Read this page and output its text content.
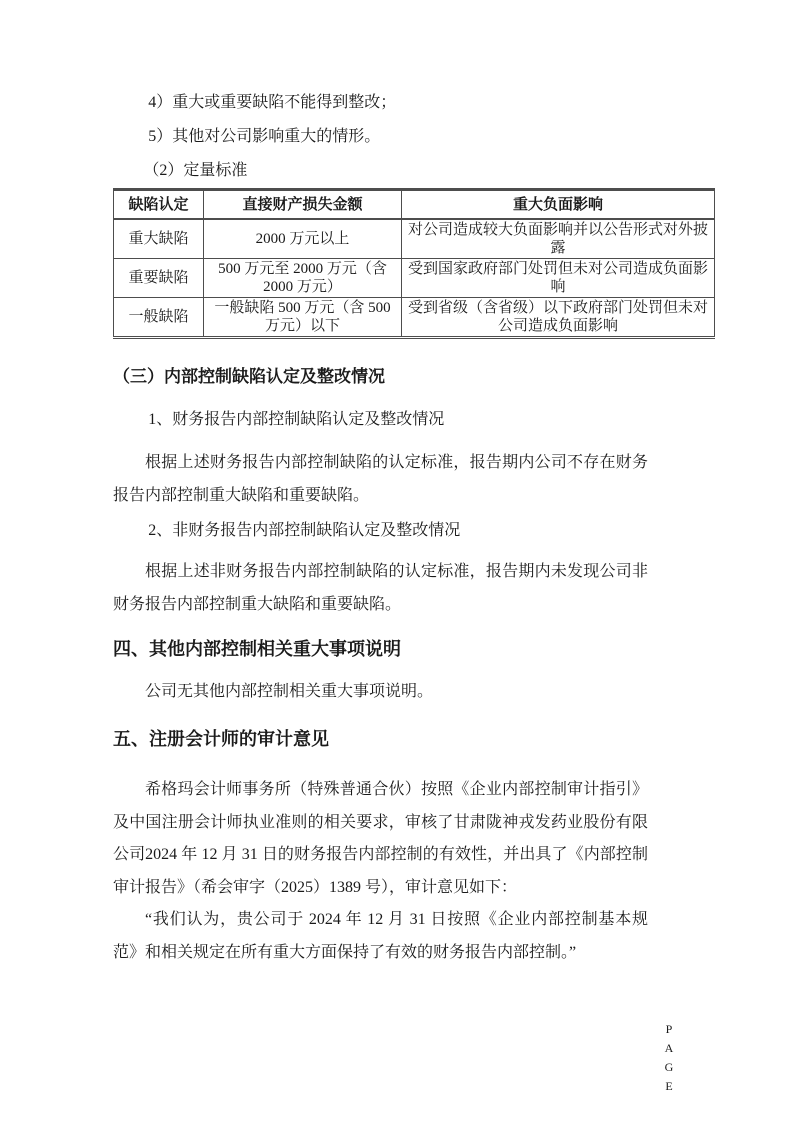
4）重大或重要缺陷不能得到整改；
5）其他对公司影响重大的情形。
（2）定量标准
缺陷认定	直接财产损失金额	重大负面影响
重大缺陷	2000 万元以上	对公司造成较大负面影响并以公告形式对外披露
重要缺陷	500 万元至 2000 万元（含 2000 万元）	受到国家政府部门处罚但未对公司造成负面影响
一般缺陷	一般缺陷 500 万元（含 500 万元）以下	受到省级（含省级）以下政府部门处罚但未对公司造成负面影响
（三）内部控制缺陷认定及整改情况
1、财务报告内部控制缺陷认定及整改情况
根据上述财务报告内部控制缺陷的认定标准，报告期内公司不存在财务报告内部控制重大缺陷和重要缺陷。
2、非财务报告内部控制缺陷认定及整改情况
根据上述非财务报告内部控制缺陷的认定标准，报告期内未发现公司非财务报告内部控制重大缺陷和重要缺陷。
四、其他内部控制相关重大事项说明
公司无其他内部控制相关重大事项说明。
五、注册会计师的审计意见
希格玛会计师事务所（特殊普通合伙）按照《企业内部控制审计指引》及中国注册会计师执业准则的相关要求，审核了甘肃陇神戎发药业股份有限公司2024 年 12 月 31 日的财务报告内部控制的有效性，并出具了《内部控制审计报告》（希会审字（2025）1389 号），审计意见如下：
“我们认为，贵公司于 2024 年 12 月 31 日按照《企业内部控制基本规范》和相关规定在所有重大方面保持了有效的财务报告内部控制。”
PAGE
